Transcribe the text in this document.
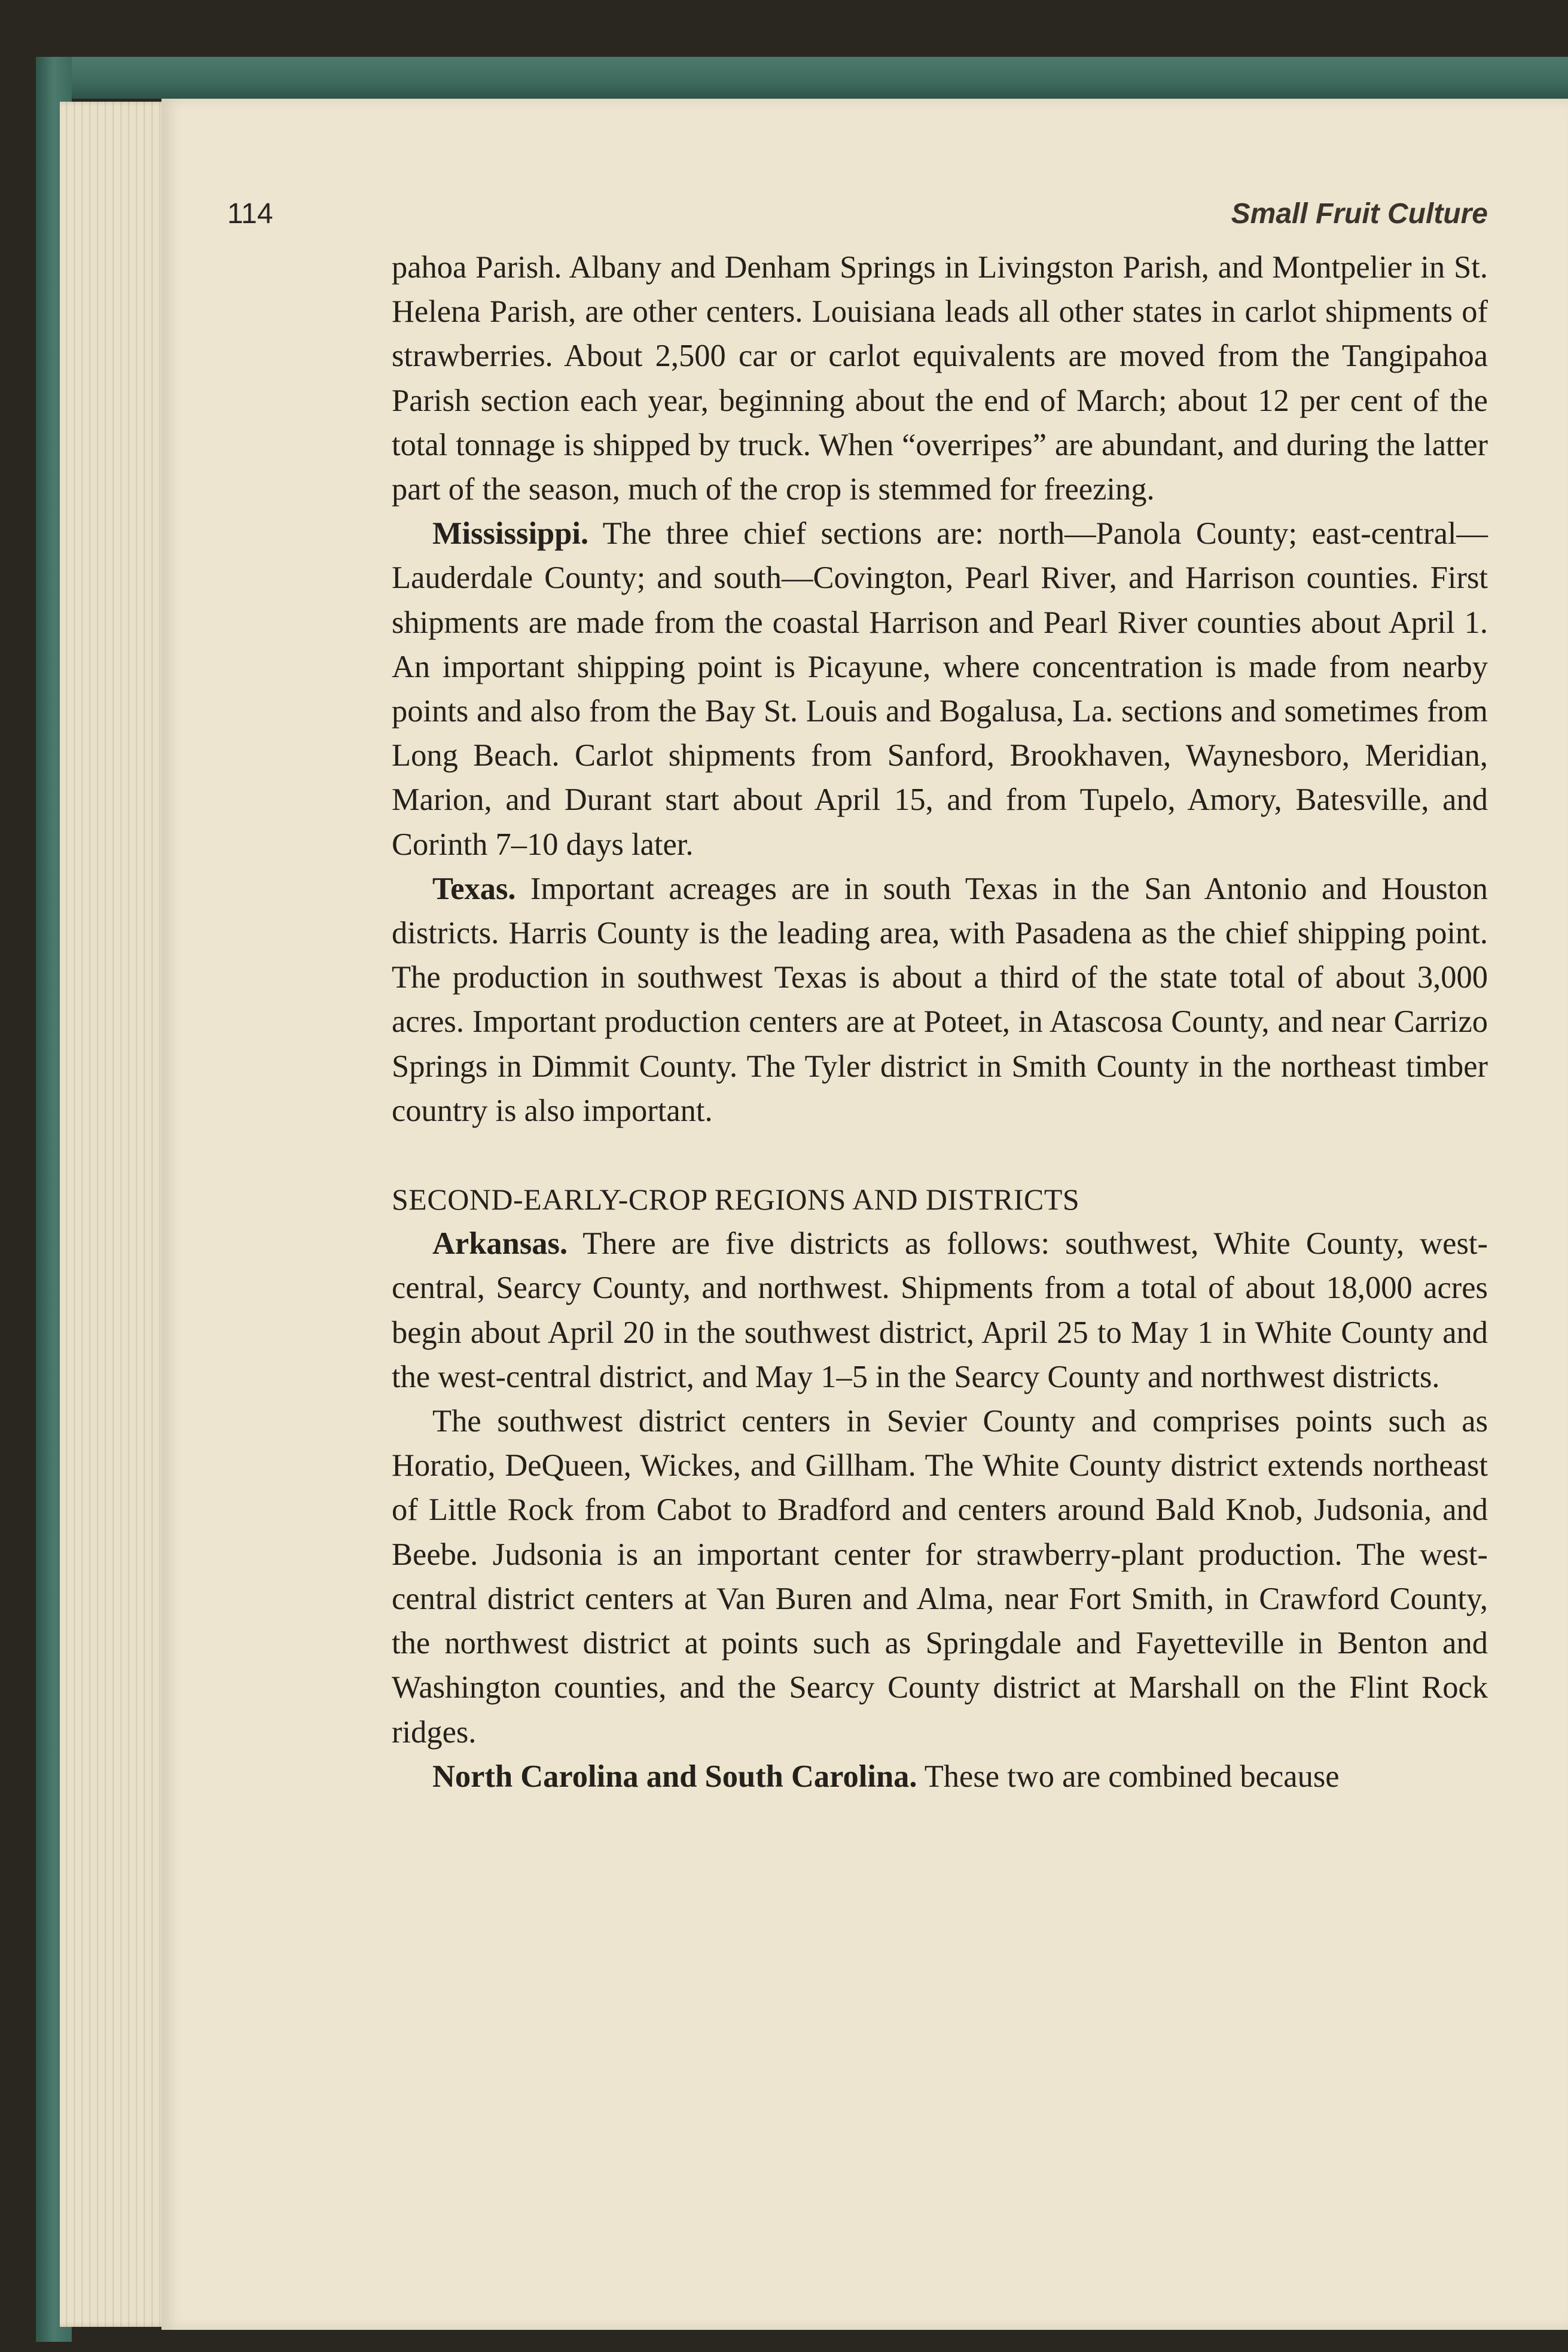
114	Small Fruit Culture

pahoa Parish. Albany and Denham Springs in Livingston Parish, and Montpelier in St. Helena Parish, are other centers. Louisiana leads all other states in carlot shipments of strawberries. About 2,500 car or carlot equivalents are moved from the Tangipahoa Parish section each year, beginning about the end of March; about 12 per cent of the total tonnage is shipped by truck. When “overripes” are abundant, and during the latter part of the season, much of the crop is stemmed for freezing.

Mississippi. The three chief sections are: north—Panola County; east-central—Lauderdale County; and south—Covington, Pearl River, and Harrison counties. First shipments are made from the coastal Harrison and Pearl River counties about April 1. An important shipping point is Picayune, where concentration is made from nearby points and also from the Bay St. Louis and Bogalusa, La. sections and sometimes from Long Beach. Carlot shipments from Sanford, Brookhaven, Waynesboro, Meridian, Marion, and Durant start about April 15, and from Tupelo, Amory, Batesville, and Corinth 7–10 days later.

Texas. Important acreages are in south Texas in the San Antonio and Houston districts. Harris County is the leading area, with Pasadena as the chief shipping point. The production in southwest Texas is about a third of the state total of about 3,000 acres. Important production centers are at Poteet, in Atascosa County, and near Carrizo Springs in Dimmit County. The Tyler district in Smith County in the northeast timber country is also important.

SECOND-EARLY-CROP REGIONS AND DISTRICTS

Arkansas. There are five districts as follows: southwest, White County, west-central, Searcy County, and northwest. Shipments from a total of about 18,000 acres begin about April 20 in the southwest district, April 25 to May 1 in White County and the west-central district, and May 1–5 in the Searcy County and northwest districts.

The southwest district centers in Sevier County and comprises points such as Horatio, DeQueen, Wickes, and Gillham. The White County district extends northeast of Little Rock from Cabot to Bradford and centers around Bald Knob, Judsonia, and Beebe. Judsonia is an important center for strawberry-plant production. The west-central district centers at Van Buren and Alma, near Fort Smith, in Crawford County, the northwest district at points such as Springdale and Fayetteville in Benton and Washington counties, and the Searcy County district at Marshall on the Flint Rock ridges.

North Carolina and South Carolina. These two are combined because
